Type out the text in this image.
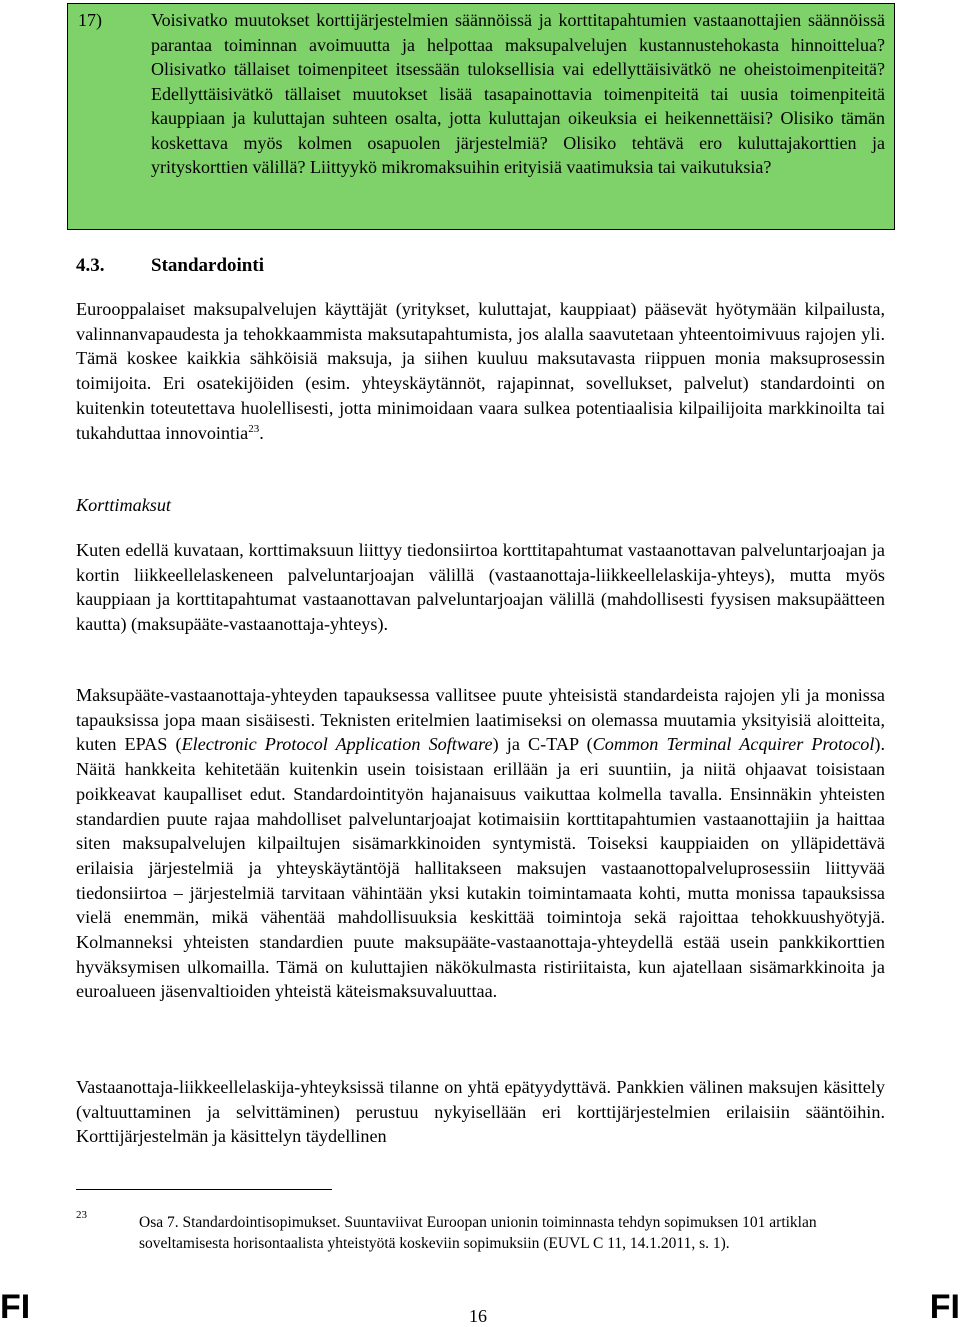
17)	Voisivatko muutokset korttijärjestelmien säännöissä ja korttitapahtumien vastaanottajien säännöissä parantaa toiminnan avoimuutta ja helpottaa maksupalvelujen kustannustehokasta hinnoittelua? Olisivatko tällaiset toimenpiteet itsessään tuloksellisia vai edellyttäisivätkö ne oheistoimenpiteitä? Edellyttäisivätkö tällaiset muutokset lisää tasapainottavia toimenpiteitä tai uusia toimenpiteitä kauppiaan ja kuluttajan suhteen osalta, jotta kuluttajan oikeuksia ei heikennettäisi? Olisiko tämän koskettava myös kolmen osapuolen järjestelmiä? Olisiko tehtävä ero kuluttajakorttien ja yrityskorttien välillä? Liittyykö mikromaksuihin erityisiä vaatimuksia tai vaikutuksia?
4.3. Standardointi
Eurooppalaiset maksupalvelujen käyttäjät (yritykset, kuluttajat, kauppiaat) pääsevät hyötymään kilpailusta, valinnanvapaudesta ja tehokkaammista maksutapahtumista, jos alalla saavutetaan yhteentoimivuus rajojen yli. Tämä koskee kaikkia sähköisiä maksuja, ja siihen kuuluu maksutavasta riippuen monia maksuprosessin toimijoita. Eri osatekijöiden (esim. yhteyskäytännöt, rajapinnat, sovellukset, palvelut) standardointi on kuitenkin toteutettava huolellisesti, jotta minimoidaan vaara sulkea potentiaalisia kilpailijoita markkinoilta tai tukahduttaa innovointia$^{23}$.
Korttimaksut
Kuten edellä kuvataan, korttimaksuun liittyy tiedonsiirtoa korttitapahtumat vastaanottavan palveluntarjoajan ja kortin liikkeellelaskeneen palveluntarjoajan välillä (vastaanottaja-liikkeellelaskija-yhteys), mutta myös kauppiaan ja korttitapahtumat vastaanottavan palveluntarjoajan välillä (mahdollisesti fyysisen maksupäätteen kautta) (maksupääte-vastaanottaja-yhteys).
Maksupääte-vastaanottaja-yhteyden tapauksessa vallitsee puute yhteisistä standardeista rajojen yli ja monissa tapauksissa jopa maan sisäisesti. Teknisten eritelmien laatimiseksi on olemassa muutamia yksityisiä aloitteita, kuten EPAS (Electronic Protocol Application Software) ja C-TAP (Common Terminal Acquirer Protocol). Näitä hankkeita kehitetään kuitenkin usein toisistaan erillään ja eri suuntiin, ja niitä ohjaavat toisistaan poikkeavat kaupalliset edut. Standardointityön hajanaisuus vaikuttaa kolmella tavalla. Ensinnäkin yhteisten standardien puute rajaa mahdolliset palveluntarjoajat kotimaisiin korttitapahtumien vastaanottajiin ja haittaa siten maksupalvelujen kilpailtujen sisämarkkinoiden syntymistä. Toiseksi kauppiaiden on ylläpidettävä erilaisia järjestelmiä ja yhteyskäytäntöjä hallitakseen maksujen vastaanottopalveluprosessiin liittyvää tiedonsiirtoa – järjestelmiä tarvitaan vähintään yksi kutakin toimintamaata kohti, mutta monissa tapauksissa vielä enemmän, mikä vähentää mahdollisuuksia keskittää toimintoja sekä rajoittaa tehokkuushyötyjä. Kolmanneksi yhteisten standardien puute maksupääte-vastaanottaja-yhteydellä estää usein pankkikorttien hyväksymisen ulkomailla. Tämä on kuluttajien näkökulmasta ristiriitaista, kun ajatellaan sisämarkkinoita ja euroalueen jäsenvaltioiden yhteistä käteismaksuvaluuttaa.
Vastaanottaja-liikkeellelaskija-yhteyksissä tilanne on yhtä epätyydyttävä. Pankkien välinen maksujen käsittely (valtuuttaminen ja selvittäminen) perustuu nykyisellään eri korttijärjestelmien erilaisiin sääntöihin. Korttijärjestelmän ja käsittelyn täydellinen
23	Osa 7. Standardointisopimukset. Suuntaviivat Euroopan unionin toiminnasta tehdyn sopimuksen 101 artiklan soveltamisesta horisontaalista yhteistyötä koskeviin sopimuksiin (EUVL C 11, 14.1.2011, s. 1).
FI	16	FI
